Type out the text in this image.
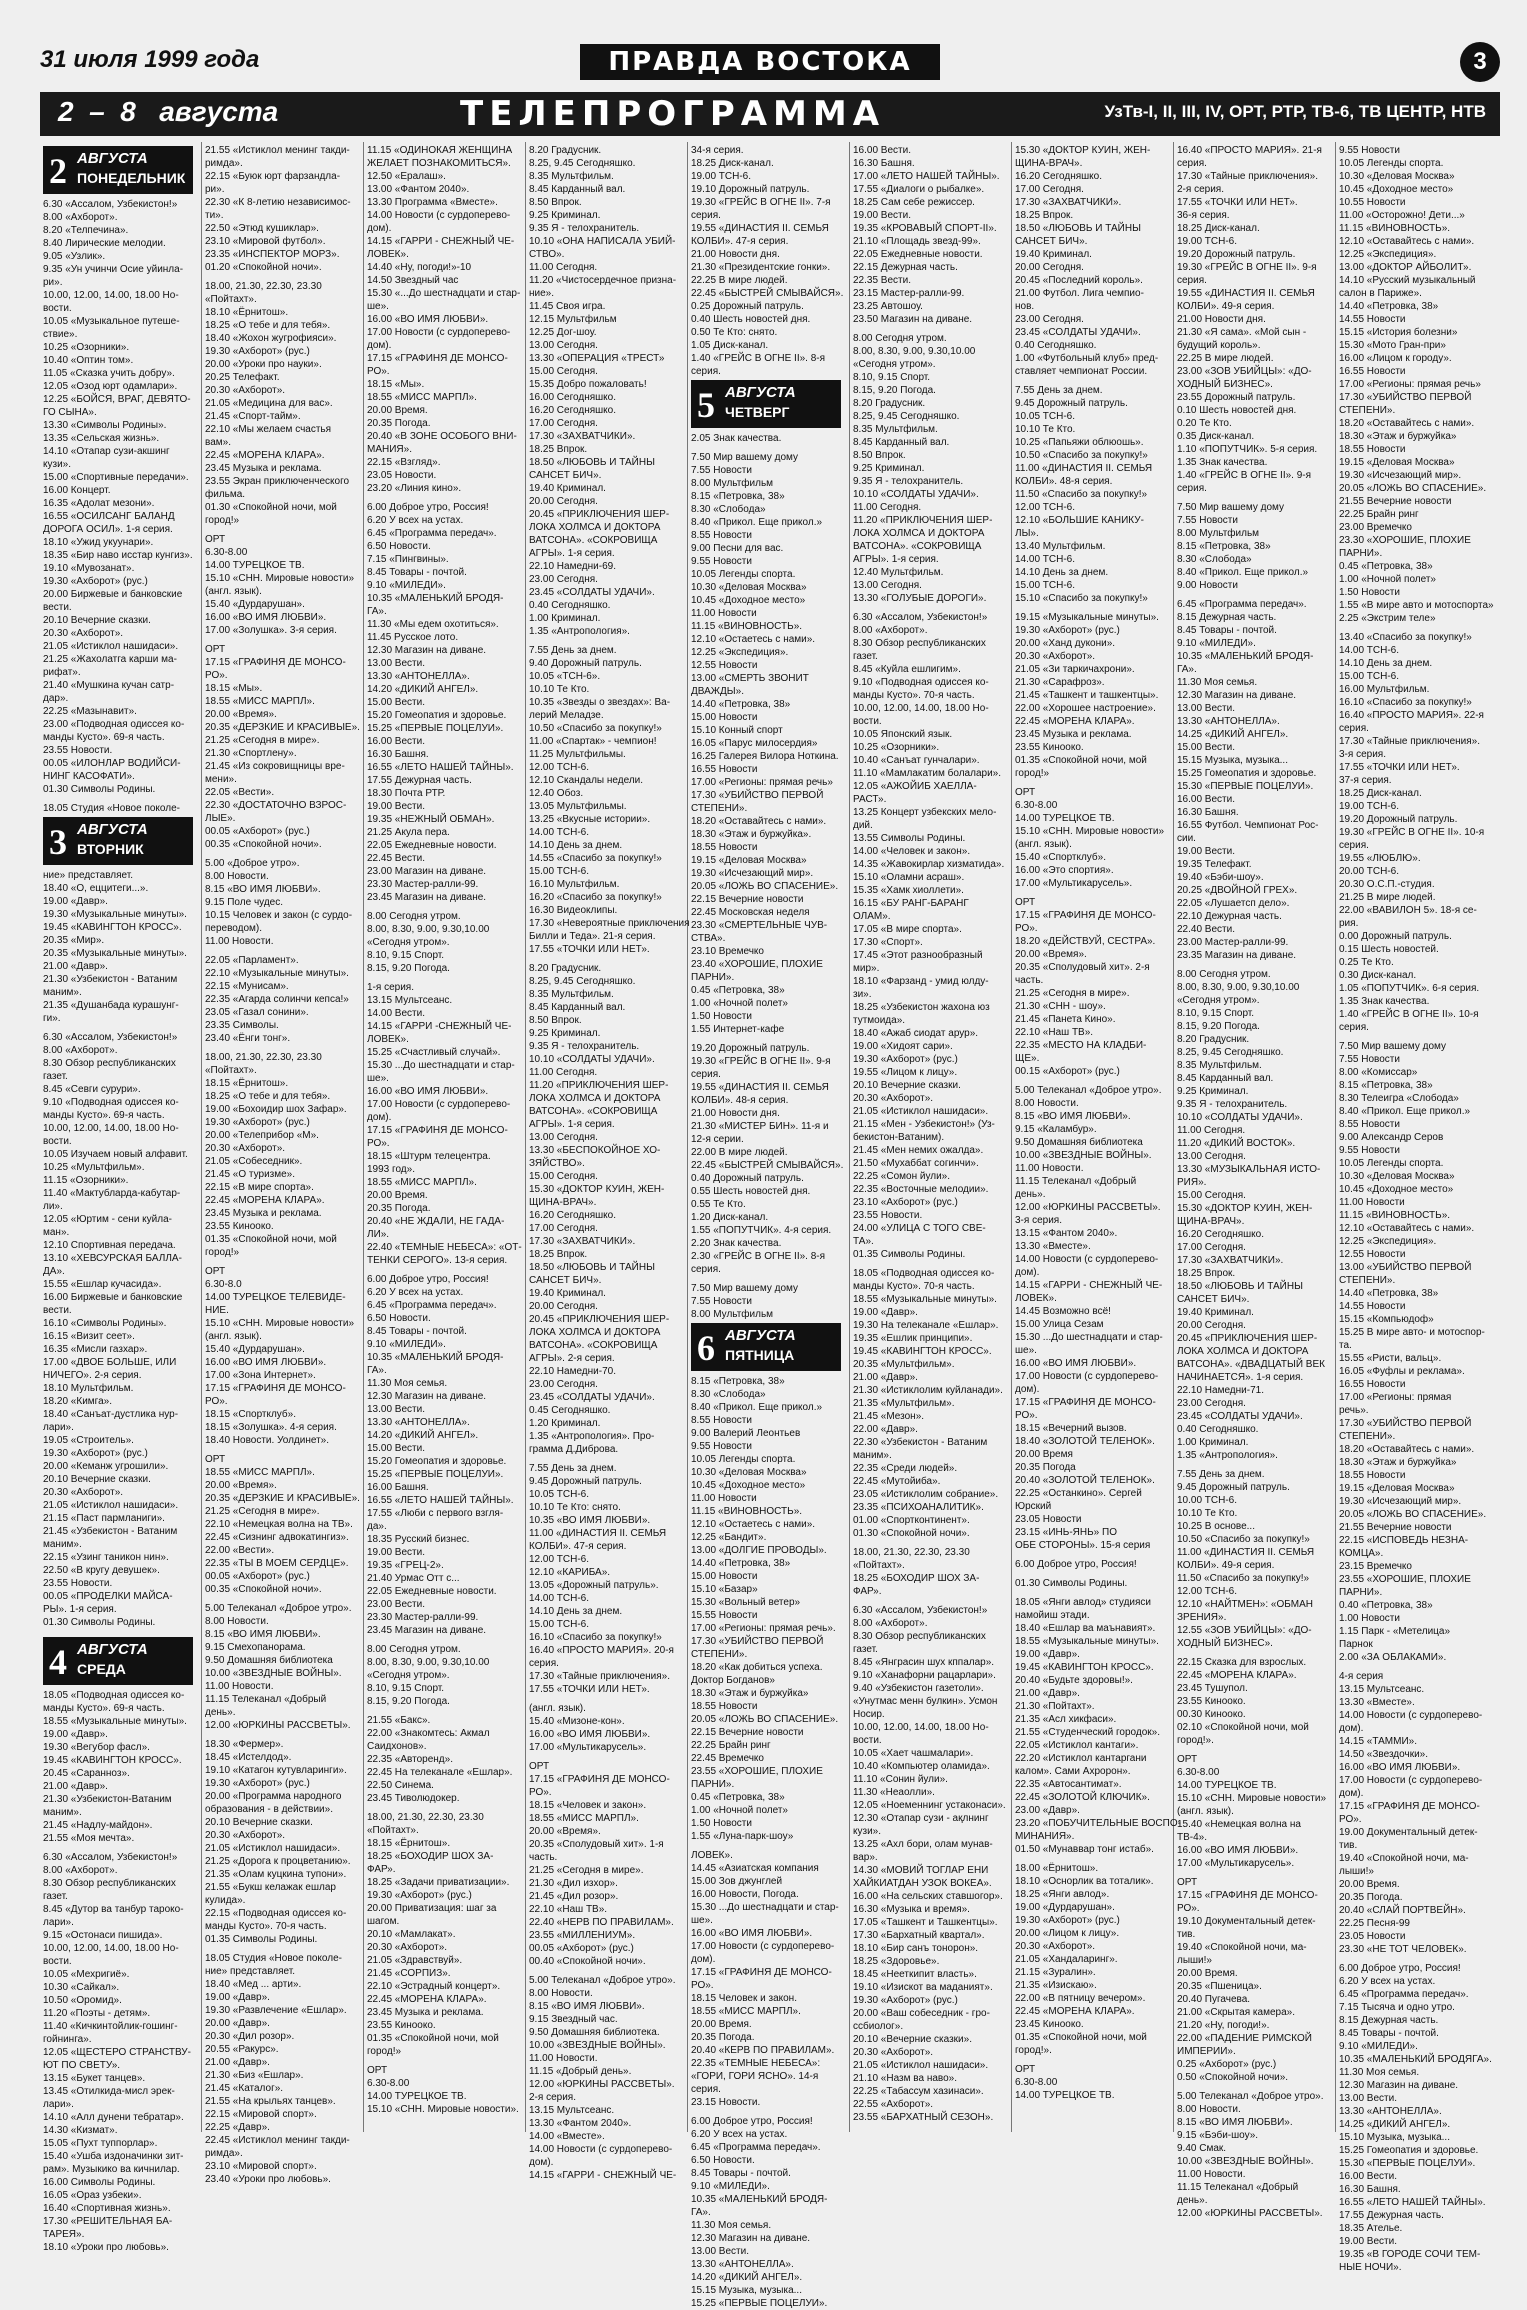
31 июля 1999 года	ПРАВДА ВОСТОКА	3
2  –  8 августа	ТЕЛЕПРОГРАММА	УзТв-I, II, III, IV, ОРТ, РТР, ТВ-6, ТВ ЦЕНТР, НТВ
2 АВГУСТА
ПОНЕДЕЛЬНИК
6.30 «Ассалом, Узбекистон!»
8.00 «Ахборот».
8.20 «Телпечина».
8.40 Лирические мелодии.
9.05 «Узлик».
9.35 «Ун учинчи Осие уйинла-
ри».
10.00, 12.00, 14.00, 18.00 Но-
вости.
10.05 «Музыкальное путеше-
ствие».
10.25 «Озорники».
10.40 «Оптин том».
11.05 «Сказка учить добру».
12.05 «Озод юрт одамлари».
12.25 «БОЙСЯ, ВРАГ, ДЕВЯТО-
ГО СЫНА».
13.30 «Символы Родины».
13.35 «Сельская жизнь».
14.10 «Отапар сузи-акшинг
кузи».
15.00 «Спортивные передачи».
16.00 Концерт.
16.35 «Адолат мезони».
16.55 «ОСИЛСАНГ БАЛАНД
ДОРОГА ОСИЛ». 1-я серия.
18.10 «Ужид укуунари».
18.35 «Бир наво исстар кунгиз».
19.10 «Мувозанат».
19.30 «Ахборот» (рус.)
20.00 Биржевые и банковские
вести.
20.10 Вечерние сказки.
20.30 «Ахборот».
21.05 «Истиклол нашидаси».
21.25 «Жахолатга карши ма-
рифат».
21.40 «Мушкина кучан сатр-
дар».
22.25 «Мазынавит».
23.00 «Подводная одиссея ко-
манды Кусто». 69-я часть.
23.55 Новости.
00.05 «ИЛОНЛАР ВОДИЙСИ-
НИНГ КАСОФАТИ».
01.30 Символы Родины.
18.05 Студия «Новое поколе-
3 АВГУСТА
ВТОРНИК
ние» представляет.
18.40 «О, еццитеги...».
19.00 «Давр».
19.30 «Музыкальные минуты».
19.45 «КАВИНГТОН КРОСС».
20.35 «Мир».
20.35 «Музыкальные минуты».
21.00 «Давр».
21.30 «Узбекистон - Ватаним
маним».
21.35 «Душанбада курашунг-
ги».
6.30 «Ассалом, Узбекистон!»
8.00 «Ахборот».
8.30 Обзор республиканских
газет.
8.45 «Севги сурури».
9.10 «Подводная одиссея ко-
манды Кусто». 69-я часть.
10.00, 12.00, 14.00, 18.00 Но-
вости.
10.05 Изучаем новый алфавит.
10.25 «Мультфильм».
11.15 «Озорники».
11.40 «Мактубларда-кабутар-
ли».
12.05 «Юртим - сени куйла-
ман».
12.10 Спортивная передача.
13.10 «ХЕВСУРСКАЯ БАЛЛА-
ДА».
15.55 «Ешлар кучасида».
16.00 Биржевые и банковские
вести.
16.10 «Символы Родины».
16.15 «Визит сеет».
16.35 «Мисли газхар».
17.00 «ДВОЕ БОЛЬШЕ, ИЛИ
НИЧЕГО». 2-я серия.
18.10 Мультфильм.
18.20 «Кимга».
18.40 «Санъат-дустлика нур-
лари».
19.05 «Строитель».
19.30 «Ахборот» (рус.)
20.00 «Кеманж угрошили».
20.10 Вечерние сказки.
20.30 «Ахборот».
21.05 «Истиклол нашидаси».
21.15 «Паст пармланиги».
21.45 «Узбекистон - Ватаним
маним».
22.15 «Узинг таникон нин».
22.50 «В кругу девушек».
23.55 Новости.
00.05 «ПРОДЕЛКИ МАЙСА-
РЫ». 1-я серия.
01.30 Символы Родины.
4 АВГУСТА
СРЕДА
18.05 «Подводная одиссея ко-
манды Кусто». 69-я часть.
18.55 «Музыкальные минуты».
19.00 «Давр».
19.30 «Вегубор фасл».
19.45 «КАВИНГТОН КРОСС».
20.45 «Саранноз».
21.00 «Давр».
21.30 «Узбекистон-Ватаним
маним».
21.45 «Надлу-майдон».
21.55 «Моя мечта».
6.30 «Ассалом, Узбекистон!»
8.00 «Ахборот».
8.30 Обзор республиканских
газет.
8.45 «Дутор ва танбур тароко-
лари».
9.15 «Остонаси пишида».
10.00, 12.00, 14.00, 18.00 Но-
вости.
10.05 «Мехригиё».
10.30 «Сайкал».
10.50 «Оромид».
11.20 «Поэты - детям».
11.40 «Кичкинтойлик-гошинг-
гойнинга».
12.05 «ЩЕСТЕРО СТРАНСТВУ-
ЮТ ПО СВЕТУ».
13.15 «Букет танцев».
13.45 «Отилкида-мисл эрек-
лари».
14.10 «Алл дунени тебратар».
14.30 «Кизмат».
15.05 «Пухт туппорлар».
15.40 «Ушба издоначинки зит-
рам». Музыкико ва кичнилар.
16.00 Символы Родины.
16.05 «Ораз узбеки».
16.40 «Спортивная жизнь».
17.30 «РЕШИТЕЛЬНАЯ БА-
ТАРЕЯ».
18.10 «Уроки про любовь».
21.55 «Истиклол менинг такди-
римда».
22.15 «Буюк юрт фарзандла-
ри».
22.30 «К 8-летию независимос-
ти».
22.50 «Этюд кушиклар».
23.10 «Мировой футбол».
23.35 «ИНСПЕКТОР МОРЗ».
01.20 «Спокойной ночи».
18.00, 21.30, 22.30, 23.30
«Пойтахт».
18.10 «Ёрнитош».
18.25 «О тебе и для тебя».
18.40 «Жохон жугрофияси».
19.30 «Ахборот» (рус.)
20.00 «Уроки про науки».
20.25 Телефакт.
20.30 «Ахборот».
21.05 «Медицина для вас».
21.45 «Спорт-тайм».
22.10 «Мы желаем счастья
вам».
22.45 «МОРЕНА КЛАРА».
23.45 Музыка и реклама.
23.55 Экран приключенческого
фильма.
01.30 «Спокойной ночи, мой
город!»
ОРТ
6.30-8.00
14.00 ТУРЕЦКОЕ ТВ.
15.10 «СНН. Мировые новости»
(англ. язык).
15.40 «Дурдарушан».
16.00 «ВО ИМЯ ЛЮБВИ».
17.00 «Золушка». 3-я серия.
ОРТ
17.15 «ГРАФИНЯ ДЕ МОНСО-
РО».
18.15 «Мы».
18.55 «МИСС МАРПЛ».
20.00 «Время».
20.35 «ДЕРЗКИЕ И КРАСИВЫЕ».
21.25 «Сегодня в мире».
21.30 «Спортлену».
21.45 «Из сокровищницы вре-
мени».
22.05 «Вести».
22.30 «ДОСТАТОЧНО ВЗРОС-
ЛЫЕ».
00.05 «Ахборот» (рус.)
00.35 «Спокойной ночи».
5.00 «Доброе утро».
8.00 Новости.
8.15 «ВО ИМЯ ЛЮБВИ».
9.15 Поле чудес.
10.15 Человек и закон (с сурдо-
переводом).
11.00 Новости.
22.05 «Парламент».
22.10 «Музыкальные минуты».
22.15 «Мунисам».
22.35 «Агарда солинчи кепса!»
23.05 «Газал сонини».
23.35 Символы.
23.40 «Ёнги тонг».
18.00, 21.30, 22.30, 23.30
«Пойтахт».
18.15 «Ёрнитош».
18.25 «О тебе и для тебя».
19.00 «Бохоидир шох Зафар».
19.30 «Ахборот» (рус.)
20.00 «Телеприбор «М».
20.30 «Ахборот».
21.05 «Собеседник».
21.45 «О туризме».
22.15 «В мире спорта».
22.45 «МОРЕНА КЛАРА».
23.45 Музыка и реклама.
23.55 Кинооко.
01.35 «Спокойной ночи, мой
город!»
ОРТ
6.30-8.0
14.00 ТУРЕЦКОЕ ТЕЛЕВИДЕ-
НИЕ.
15.10 «СНН. Мировые новости»
(англ. язык).
15.40 «Дурдарушан».
16.00 «ВО ИМЯ ЛЮБВИ».
17.00 «Зона Интернет».
17.15 «ГРАФИНЯ ДЕ МОНСО-
РО».
18.15 «Спортклуб».
18.15 «Золушка». 4-я серия.
18.40 Новости. Уолдинет».
ОРТ
18.55 «МИСС МАРПЛ».
20.00 «Время».
20.35 «ДЕРЗКИЕ И КРАСИВЫЕ».
21.25 «Сегодня в мире».
22.10 «Немецкая волна на ТВ».
22.45 «Сизнинг адвокатингиз».
22.00 «Вести».
22.35 «ТЫ В МОЕМ СЕРДЦЕ».
00.05 «Ахборот» (рус.)
00.35 «Спокойной ночи».
5.00 Телеканал «Доброе утро».
8.00 Новости.
8.15 «ВО ИМЯ ЛЮБВИ».
9.15 Смехопанорама.
9.50 Домашняя библиотека
10.00 «ЗВЕЗДНЫЕ ВОЙНЫ».
11.00 Новости.
11.15 Телеканал «Добрый
день».
12.00 «ЮРКИНЫ РАССВЕТЫ».
18.30 «Фермер».
18.45 «Истелдод».
19.10 «Катагон кутувларинги».
19.30 «Ахборот» (рус.)
20.00 «Программа народного
образования - в действии».
20.10 Вечерние сказки.
20.30 «Ахборот».
21.05 «Истиклол нашидаси».
21.25 «Дорога к процветанию».
21.35 «Олам куцкина тупони».
21.55 «Букш келажак ешлар
кулида».
22.15 «Подводная одиссея ко-
манды Кусто». 70-я часть.
01.35 Символы Родины.
18.05 Студия «Новое поколе-
ние» представляет.
18.40 «Мед ... арти».
19.00 «Давр».
19.30 «Развлечение «Ешлар».
20.00 «Давр».
20.30 «Дил розор».
20.55 «Ракурс».
21.00 «Давр».
21.30 «Биз «Ешлар».
21.45 «Каталог».
21.55 «На крыльях танцев».
22.15 «Мировой спорт».
22.25 «Давр».
22.45 «Истиклол менинг такди-
римда».
23.10 «Мировой спорт».
23.40 «Уроки про любовь».
11.15 «ОДИНОКАЯ ЖЕНЩИНА
ЖЕЛАЕТ ПОЗНАКОМИТЬСЯ».
12.50 «Ералаш».
13.00 «Фантом 2040».
13.30 Программа «Вместе».
14.00 Новости (с сурдоперево-
дом).
14.15 «ГАРРИ - СНЕЖНЫЙ ЧЕ-
ЛОВЕК».
14.40 «Ну, погоди!»-10
14.50 Звездный час
15.30 «...До шестнадцати и стар-
ше».
16.00 «ВО ИМЯ ЛЮБВИ».
17.00 Новости (с сурдоперево-
дом).
17.15 «ГРАФИНЯ ДЕ МОНСО-
РО».
18.15 «Мы».
18.55 «МИСС МАРПЛ».
20.00 Время.
20.35 Погода.
20.40 «В ЗОНЕ ОСОБОГО ВНИ-
МАНИЯ».
22.15 «Взгляд».
23.05 Новости.
23.20 «Линия кино».
6.00 Доброе утро, Россия!
6.20 У всех на устах.
6.45 «Программа передач».
6.50 Новости.
7.15 «Пингвины».
8.45 Товары - почтой.
9.10 «МИЛЕДИ».
10.35 «МАЛЕНЬКИЙ БРОДЯ-
ГА».
11.30 «Мы едем охотиться».
11.45 Русское лото.
12.30 Магазин на диване.
13.00 Вести.
13.30 «АНТОНЕЛЛА».
14.20 «ДИКИЙ АНГЕЛ».
15.00 Вести.
15.20 Гомеопатия и здоровье.
15.25 «ПЕРВЫЕ ПОЦЕЛУИ».
16.00 Вести.
16.30 Башня.
16.55 «ЛЕТО НАШЕЙ ТАЙНЫ».
17.55 Дежурная часть.
18.30 Почта РТР.
19.00 Вести.
19.35 «НЕЖНЫЙ ОБМАН».
21.25 Акула пера.
22.05 Ежедневные новости.
22.45 Вести.
23.00 Магазин на диване.
23.30 Мастер-ралли-99.
23.45 Магазин на диване.
8.00 Сегодня утром.
8.00, 8.30, 9.00, 9.30,10.00
«Сегодня утром».
8.10, 9.15 Спорт.
8.15, 9.20 Погода.
1-я серия.
13.15 Мультсеанс.
14.00 Вести.
14.15 «ГАРРИ -СНЕЖНЫЙ ЧЕ-
ЛОВЕК».
15.25 «Счастливый случай».
15.30 ...До шестнадцати и стар-
ше».
16.00 «ВО ИМЯ ЛЮБВИ».
17.00 Новости (с сурдоперево-
дом).
17.15 «ГРАФИНЯ ДЕ МОНСО-
РО».
18.15 «Штурм телецентра.
1993 год».
18.55 «МИСС МАРПЛ».
20.00 Время.
20.35 Погода.
20.40 «НЕ ЖДАЛИ, НЕ ГАДА-
ЛИ».
22.40 «ТЕМНЫЕ НЕБЕСА»: «ОТ-
ТЕНКИ СЕРОГО». 13-я серия.
6.00 Доброе утро, Россия!
6.20 У всех на устах.
6.45 «Программа передач».
6.50 Новости.
8.45 Товары - почтой.
9.10 «МИЛЕДИ».
10.35 «МАЛЕНЬКИЙ БРОДЯ-
ГА».
11.30 Моя семья.
12.30 Магазин на диване.
13.00 Вести.
13.30 «АНТОНЕЛЛА».
14.20 «ДИКИЙ АНГЕЛ».
15.00 Вести.
15.20 Гомеопатия и здоровье.
15.25 «ПЕРВЫЕ ПОЦЕЛУИ».
16.00 Башня.
16.55 «ЛЕТО НАШЕЙ ТАЙНЫ».
17.55 «Люби с первого взгля-
да».
18.35 Русский бизнес.
19.00 Вести.
19.35 «ГРЕЦ-2».
21.40 Урмас Отт с...
22.05 Ежедневные новости.
23.00 Вести.
23.30 Мастер-ралли-99.
23.45 Магазин на диване.
8.00 Сегодня утром.
8.00, 8.30, 9.00, 9.30,10.00
«Сегодня утром».
8.10, 9.15 Спорт.
8.15, 9.20 Погода.
21.55 «Бакс».
22.00 «Знакомтесь: Акмал
Саидхонов».
22.35 «Авторенд».
22.45 На телеканале «Ешлар».
22.50 Синема.
23.45 Тиволюдокер.
18.00, 21.30, 22.30, 23.30
«Пойтахт».
18.15 «Ёрнитош».
18.25 «БОХОДИР ШОХ ЗА-
ФАР».
18.25 «Задачи приватизации».
19.30 «Ахборот» (рус.)
20.00 Приватизация: шаг за
шагом.
20.10 «Мамлакат».
20.30 «Ахборот».
21.05 «Здравствуй».
21.45 «СОРПИЗ».
22.10 «Эстрадный концерт».
22.45 «МОРЕНА КЛАРА».
23.45 Музыка и реклама.
23.55 Кинооко.
01.35 «Спокойной ночи, мой
город!»
ОРТ
6.30-8.00
14.00 ТУРЕЦКОЕ ТВ.
15.10 «СНН. Мировые новости».
8.20 Градусник.
8.25, 9.45 Сегодняшко.
8.35 Мультфильм.
8.45 Карданный вал.
8.50 Впрок.
9.25 Криминал.
9.35 Я - телохранитель.
10.10 «ОНА НАПИСАЛА УБИЙ-
СТВО».
11.00 Сегодня.
11.20 «Чистосердечное призна-
ние».
11.45 Своя игра.
12.15 Мультфильм
12.25 Дог-шоу.
13.00 Сегодня.
13.30 «ОПЕРАЦИЯ «ТРЕСТ»
15.00 Сегодня.
15.35 Добро пожаловать!
16.00 Сегодняшко.
16.20 Сегодняшко.
17.00 Сегодня.
17.30 «ЗАХВАТЧИКИ».
18.25 Впрок.
18.50 «ЛЮБОВЬ И ТАЙНЫ
САНСЕТ БИЧ».
19.40 Криминал.
20.00 Сегодня.
20.45 «ПРИКЛЮЧЕНИЯ ШЕР-
ЛОКА ХОЛМСА И ДОКТОРА
ВАТСОНА». «СОКРОВИЩА
АГРЫ». 1-я серия.
22.10 Намедни-69.
23.00 Сегодня.
23.45 «СОЛДАТЫ УДАЧИ».
0.40 Сегодняшко.
1.00 Криминал.
1.35 «Антропология».
7.55 День за днем.
9.40 Дорожный патруль.
10.05 «ТСН-6».
10.10 Те Кто.
10.35 «Звезды о звездах»: Ва-
лерий Меладзе.
10.50 «Спасибо за покупку!»
11.00 «Спартак» - чемпион!
11.25 Мультфильмы.
12.00 ТСН-6.
12.10 Скандалы недели.
12.40 Обоз.
13.05 Мультфильмы.
13.25 «Вкусные истории».
14.00 ТСН-6.
14.10 День за днем.
14.55 «Спасибо за покупку!»
15.00 ТСН-6.
16.10 Мультфильм.
16.20 «Спасибо за покупку!»
16.30 Видеоклипы.
17.30 «Невероятные приключения
Билли и Теда». 21-я серия.
17.55 «ТОЧКИ ИЛИ НЕТ».
8.20 Градусник.
8.25, 9.45 Сегодняшко.
8.35 Мультфильм.
8.45 Карданный вал.
8.50 Впрок.
9.25 Криминал.
9.35 Я - телохранитель.
10.10 «СОЛДАТЫ УДАЧИ».
11.00 Сегодня.
11.20 «ПРИКЛЮЧЕНИЯ ШЕР-
ЛОКА ХОЛМСА И ДОКТОРА
ВАТСОНА». «СОКРОВИЩА
АГРЫ». 1-я серия.
13.00 Сегодня.
13.30 «БЕСПОКОЙНОЕ ХО-
ЗЯЙСТВО».
15.00 Сегодня.
15.30 «ДОКТОР КУИН, ЖЕН-
ЩИНА-ВРАЧ».
16.20 Сегодняшко.
17.00 Сегодня.
17.30 «ЗАХВАТЧИКИ».
18.25 Впрок.
18.50 «ЛЮБОВЬ И ТАЙНЫ
САНСЕТ БИЧ».
19.40 Криминал.
20.00 Сегодня.
20.45 «ПРИКЛЮЧЕНИЯ ШЕР-
ЛОКА ХОЛМСА И ДОКТОРА
ВАТСОНА». «СОКРОВИЩА
АГРЫ». 2-я серия.
22.10 Намедни-70.
23.00 Сегодня.
23.45 «СОЛДАТЫ УДАЧИ».
0.45 Сегодняшко.
1.20 Криминал.
1.35 «Антропология». Про-
грамма Д.Диброва.
7.55 День за днем.
9.45 Дорожный патруль.
10.05 ТСН-6.
10.10 Те Кто: снято.
10.35 «ВО ИМЯ ЛЮБВИ».
11.00 «ДИНАСТИЯ II. СЕМЬЯ
КОЛБИ». 47-я серия.
12.00 ТСН-6.
12.10 «КАРИБА».
13.05 «Дорожный патруль».
14.00 ТСН-6.
14.10 День за днем.
15.00 ТСН-6.
16.10 «Спасибо за покупку!»
16.40 «ПРОСТО МАРИЯ». 20-я
серия.
17.30 «Тайные приключения».
17.55 «ТОЧКИ ИЛИ НЕТ».
(англ. язык).
15.40 «Мизоне-кон».
16.00 «ВО ИМЯ ЛЮБВИ».
17.00 «Мультикарусель».
ОРТ
17.15 «ГРАФИНЯ ДЕ МОНСО-
РО».
18.15 «Человек и закон».
18.55 «МИСС МАРПЛ».
20.00 «Время».
20.35 «Сполудовый хит». 1-я
часть.
21.25 «Сегодня в мире».
21.30 «Дил изхор».
21.45 «Дил розор».
22.10 «Наш ТВ».
22.40 «НЕРВ ПО ПРАВИЛАМ».
23.55 «МИЛЛЕНИУМ».
00.05 «Ахборот» (рус.)
00.40 «Спокойной ночи».
5.00 Телеканал «Доброе утро».
8.00 Новости.
8.15 «ВО ИМЯ ЛЮБВИ».
9.15 Звездный час.
9.50 Домашняя библиотека.
10.00 «ЗВЕЗДНЫЕ ВОЙНЫ».
11.00 Новости.
11.15 «Добрый день».
12.00 «ЮРКИНЫ РАССВЕТЫ».
2-я серия.
13.15 Мультсеанс.
13.30 «Фантом 2040».
14.00 «Вместе».
14.00 Новости (с сурдоперево-
дом).
14.15 «ГАРРИ - СНЕЖНЫЙ ЧЕ-
34-я серия.
18.25 Диск-канал.
19.00 ТСН-6.
19.10 Дорожный патруль.
19.30 «ГРЕЙС В ОГНЕ II». 7-я
серия.
19.55 «ДИНАСТИЯ II. СЕМЬЯ
КОЛБИ». 47-я серия.
21.00 Новости дня.
21.30 «Президентские гонки».
22.25 В мире людей.
22.45 «БЫСТРЕЙ СМЫВАЙСЯ».
0.25 Дорожный патруль.
0.40 Шесть новостей дня.
0.50 Те Кто: снято.
1.05 Диск-канал.
1.40 «ГРЕЙС В ОГНЕ II». 8-я
серия.
5 АВГУСТА
ЧЕТВЕРГ
2.05 Знак качества.
7.50 Мир вашему дому
7.55 Новости
8.00 Мультфильм
8.15 «Петровка, 38»
8.30 «Слобода»
8.40 «Прикол. Еще прикол.»
8.55 Новости
9.00 Песни для вас.
9.55 Новости
10.05 Легенды спорта.
10.30 «Деловая Москва»
10.45 «Доходное место»
11.00 Новости
11.15 «ВИНОВНОСТЬ».
12.10 «Остаетесь с нами».
12.25 «Экспедиция».
12.55 Новости
13.00 «СМЕРТЬ ЗВОНИТ
ДВАЖДЫ».
14.40 «Петровка, 38»
15.00 Новости
15.10 Конный спорт
16.05 «Парус милосердия»
16.25 Галерея Вилора Ноткина.
16.55 Новости
17.00 «Регионы: прямая речь»
17.30 «УБИЙСТВО ПЕРВОЙ
СТЕПЕНИ».
18.20 «Оставайтесь с нами».
18.30 «Этаж и буржуйка».
18.55 Новости
19.15 «Деловая Москва»
19.30 «Исчезающий мир».
20.05 «ЛОЖЬ ВО СПАСЕНИЕ».
22.15 Вечерние новости
22.45 Московская неделя
23.30 «СМЕРТЕЛЬНЫЕ ЧУВ-
СТВА».
23.10 Времечко
23.40 «ХОРОШИЕ, ПЛОХИЕ
ПАРНИ».
0.45 «Петровка, 38»
1.00 «Ночной полет»
1.50 Новости
1.55 Интернет-кафе
19.20 Дорожный патруль.
19.30 «ГРЕЙС В ОГНЕ II». 9-я
серия.
19.55 «ДИНАСТИЯ II. СЕМЬЯ
КОЛБИ». 48-я серия.
21.00 Новости дня.
21.30 «МИСТЕР БИН». 11-я и
12-я серии.
22.00 В мире людей.
22.45 «БЫСТРЕЙ СМЫВАЙСЯ».
0.40 Дорожный патруль.
0.55 Шесть новостей дня.
0.55 Те Кто.
1.20 Диск-канал.
1.55 «ПОПУТЧИК». 4-я серия.
2.20 Знак качества.
2.30 «ГРЕЙС В ОГНЕ II». 8-я
серия.
7.50 Мир вашему дому
7.55 Новости
8.00 Мультфильм
6 АВГУСТА
ПЯТНИЦА
8.15 «Петровка, 38»
8.30 «Слобода»
8.40 «Прикол. Еще прикол.»
8.55 Новости
9.00 Валерий Леонтьев
9.55 Новости
10.05 Легенды спорта.
10.30 «Деловая Москва»
10.45 «Доходное место»
11.00 Новости
11.15 «ВИНОВНОСТЬ».
12.10 «Остаетесь с нами».
12.25 «Бандит».
13.00 «ДОЛГИЕ ПРОВОДЫ».
14.40 «Петровка, 38»
15.00 Новости
15.10 «Базар»
15.30 «Вольный ветер»
15.55 Новости
17.00 «Регионы: прямая речь».
17.30 «УБИЙСТВО ПЕРВОЙ
СТЕПЕНИ».
18.20 «Как добиться успеха.
Доктор Богданов»
18.30 «Этаж и буржуйка»
18.55 Новости
20.05 «ЛОЖЬ ВО СПАСЕНИЕ».
22.15 Вечерние новости
22.25 Брайн ринг
22.45 Времечко
23.55 «ХОРОШИЕ, ПЛОХИЕ
ПАРНИ».
0.45 «Петровка, 38»
1.00 «Ночной полет»
1.50 Новости
1.55 «Луна-парк-шоу»
ЛОВЕК».
14.45 «Азиатская компания
15.00 Зов джунглей
16.00 Новости, Погода.
15.30 ...До шестнадцати и стар-
ше».
16.00 «ВО ИМЯ ЛЮБВИ».
17.00 Новости (с сурдоперево-
дом).
17.15 «ГРАФИНЯ ДЕ МОНСО-
РО».
18.15 Человек и закон.
18.55 «МИСС МАРПЛ».
20.00 Время.
20.35 Погода.
20.40 «КЕРВ ПО ПРАВИЛАМ».
22.35 «ТЕМНЫЕ НЕБЕСА»:
«ГОРИ, ГОРИ ЯСНО». 14-я
серия.
23.15 Новости.
6.00 Доброе утро, Россия!
6.20 У всех на устах.
6.45 «Программа передач».
6.50 Новости.
8.45 Товары - почтой.
9.10 «МИЛЕДИ».
10.35 «МАЛЕНЬКИЙ БРОДЯ-
ГА».
11.30 Моя семья.
12.30 Магазин на диване.
13.00 Вести.
13.30 «АНТОНЕЛЛА».
14.20 «ДИКИЙ АНГЕЛ».
15.15 Музыка, музыка...
15.25 «ПЕРВЫЕ ПОЦЕЛУИ».
16.00 Вести.
16.30 Башня.
17.00 «ЛЕТО НАШЕЙ ТАЙНЫ».
17.55 «Диалоги о рыбалке».
18.25 Сам себе режиссер.
19.00 Вести.
19.35 «КРОВАВЫЙ СПОРТ-II».
21.10 «Площадь звезд-99».
22.05 Ежедневные новости.
22.15 Дежурная часть.
22.35 Вести.
23.15 Мастер-ралли-99.
23.25 Автошоу.
23.50 Магазин на диване.
8.00 Сегодня утром.
8.00, 8.30, 9.00, 9.30,10.00
«Сегодня утром».
8.10, 9.15 Спорт.
8.15, 9.20 Погода.
8.20 Градусник.
8.25, 9.45 Сегодняшко.
8.35 Мультфильм.
8.45 Карданный вал.
8.50 Впрок.
9.25 Криминал.
9.35 Я - телохранитель.
10.10 «СОЛДАТЫ УДАЧИ».
11.00 Сегодня.
11.20 «ПРИКЛЮЧЕНИЯ ШЕР-
ЛОКА ХОЛМСА И ДОКТОРА
ВАТСОНА». «СОКРОВИЩА
АГРЫ». 1-я серия.
12.40 Мультфильм.
13.00 Сегодня.
13.30 «ГОЛУБЫЕ ДОРОГИ».
6.30 «Ассалом, Узбекистон!»
8.00 «Ахборот».
8.30 Обзор республиканских
газет.
8.45 «Куйла ешлигим».
9.10 «Подводная одиссея ко-
манды Кусто». 70-я часть.
10.00, 12.00, 14.00, 18.00 Но-
вости.
10.05 Японский язык.
10.25 «Озорники».
10.40 «Санъат гунчалари».
11.10 «Мамлакатим болалари».
12.05 «АЖОЙИБ ХАЕЛЛА-
РАСТ».
13.25 Концерт узбекских мело-
дий.
13.55 Символы Родины.
14.00 «Человек и закон».
14.35 «Жавокирлар хизматида».
15.10 «Оламни асраш».
15.35 «Хамк хиоллети».
16.15 «БУ РАНГ-БАРАНГ
ОЛАМ».
17.05 «В мире спорта».
17.30 «Спорт».
17.45 «Этот разнообразный
мир».
18.10 «Фарзанд - умид юлду-
зи».
18.25 «Узбекистон жахона юз
тутмоида».
18.40 «Ажаб сиодат арур».
19.00 «Хидоят сари».
19.30 «Ахборот» (рус.)
19.55 «Лицом к лицу».
20.10 Вечерние сказки.
20.30 «Ахборот».
21.05 «Истиклол нашидаси».
21.15 «Мен - Узбекистон!» (Уз-
бекистон-Ватаним).
21.45 «Мен немих ожалда».
21.50 «Мухаббат согинчи».
22.25 «Сомон йули».
22.35 «Восточные мелодии».
23.10 «Ахборот» (рус.)
23.55 Новости.
24.00 «УЛИЦА С ТОГО СВЕ-
ТА».
01.35 Символы Родины.
18.05 «Подводная одиссея ко-
манды Кусто». 70-я часть.
18.55 «Музыкальные минуты».
19.00 «Давр».
19.30 На телеканале «Ешлар».
19.35 «Ешлик принципи».
19.45 «КАВИНГТОН КРОСС».
20.35 «Мультфильм».
21.00 «Давр».
21.30 «Истиклолим куйланади».
21.35 «Мультфильм».
21.45 «Мезон».
22.00 «Давр».
22.30 «Узбекистон - Ватаним
маним».
22.35 «Среди людей».
22.45 «Мутойиба».
23.05 «Истиклолим собрание».
23.35 «ПСИХОАНАЛИТИК».
01.00 «Спортконтинент».
01.30 «Спокойной ночи».
18.00, 21.30, 22.30, 23.30
«Пойтахт».
18.25 «БОХОДИР ШОХ ЗА-
ФАР».
6.30 «Ассалом, Узбекистон!»
8.00 «Ахборот».
8.30 Обзор республиканских
газет.
8.45 «Янграсин шух кппалар».
9.10 «Ханафорни рацарлари».
9.40 «Узбекистон газетоли».
«Унутмас менн булкин». Усмон
Носир.
10.00, 12.00, 14.00, 18.00 Но-
вости.
10.05 «Хает чашмалари».
10.40 «Компьютер оламида».
11.10 «Сонин йули».
11.30 «Неаолли».
12.05 «Ноеменнинг устаконаси».
12.30 «Отапар сузи - ақлнинг
кузи».
13.25 «Ахл бори, олам мунав-
вар».
14.30 «МОВИЙ ТОГЛАР ЕНИ
ХАЙКИАТДАН УЗОК ВОКЕА».
16.00 «На сельских ставшогор».
16.30 «Музыка и время».
17.05 «Ташкент и Ташкентцы».
17.30 «Бархатный квартал».
18.10 «Бир санъ тонорон».
18.25 «Здоровье».
18.45 «Нееткипит власть».
19.10 «Изискот ва маданият».
19.30 «Ахборот» (рус.)
20.00 «Ваш собеседник - гро-
ссбиолог».
20.10 «Вечерние сказки».
20.30 «Ахборот».
21.05 «Истиклол нашидаси».
21.10 «Назм ва наво».
22.25 «Табассум хазинаси».
22.55 «Ахборот».
23.55 «БАРХАТНЫЙ СЕЗОН».
15.30 «ДОКТОР КУИН, ЖЕН-
ЩИНА-ВРАЧ».
16.20 Сегодняшко.
17.00 Сегодня.
17.30 «ЗАХВАТЧИКИ».
18.25 Впрок.
18.50 «ЛЮБОВЬ И ТАЙНЫ
САНСЕТ БИЧ».
19.40 Криминал.
20.00 Сегодня.
20.45 «Последний король».
21.00 Футбол. Лига чемпио-
нов.
23.00 Сегодня.
23.45 «СОЛДАТЫ УДАЧИ».
0.40 Сегодняшко.
1.00 «Футбольный клуб» пред-
ставляет чемпионат России.
7.55 День за днем.
9.45 Дорожный патруль.
10.05 ТСН-6.
10.10 Те Кто.
10.25 «Папьяжи облюошь».
10.50 «Спасибо за покупку!»
11.00 «ДИНАСТИЯ II. СЕМЬЯ
КОЛБИ». 48-я серия.
11.50 «Спасибо за покупку!»
12.00 ТСН-6.
12.10 «БОЛЬШИЕ КАНИКУ-
ЛЫ».
13.40 Мультфильм.
14.00 ТСН-6.
14.10 День за днем.
15.00 ТСН-6.
15.10 «Спасибо за покупку!»
19.15 «Музыкальные минуты».
19.30 «Ахборот» (рус.)
20.00 «Ханд дукони».
20.30 «Ахборот».
21.05 «Зи таркичахрони».
21.30 «Сарафроз».
21.45 «Ташкент и ташкентцы».
22.00 «Хорошее настроение».
22.45 «МОРЕНА КЛАРА».
23.45 Музыка и реклама.
23.55 Кинооко.
01.35 «Спокойной ночи, мой
город!»
ОРТ
6.30-8.00
14.00 ТУРЕЦКОЕ ТВ.
15.10 «СНН. Мировые новости»
(англ. язык).
15.40 «Спортклуб».
16.00 «Это спортия».
17.00 «Мультикарусель».
ОРТ
17.15 «ГРАФИНЯ ДЕ МОНСО-
РО».
18.20 «ДЕЙСТВУЙ, СЕСТРА».
20.00 «Время».
20.35 «Сполудовый хит». 2-я
часть.
21.25 «Сегодня в мире».
21.30 «СНН - шоу».
21.45 «Панета Кино».
22.10 «Наш ТВ».
22.35 «МЕСТО НА КЛАДБИ-
ЩЕ».
00.15 «Ахборот» (рус.)
5.00 Телеканал «Доброе утро».
8.00 Новости.
8.15 «ВО ИМЯ ЛЮБВИ».
9.15 «Каламбур».
9.50 Домашняя библиотека
10.00 «ЗВЕЗДНЫЕ ВОЙНЫ».
11.00 Новости.
11.15 Телеканал «Добрый
день».
12.00 «ЮРКИНЫ РАССВЕТЫ».
3-я серия.
13.15 «Фантом 2040».
13.30 «Вместе».
14.00 Новости (с сурдоперево-
дом).
14.15 «ГАРРИ - СНЕЖНЫЙ ЧЕ-
ЛОВЕК».
14.45 Возможно всё!
15.00 Улица Сезам
15.30 ...До шестнадцати и стар-
ше».
16.00 «ВО ИМЯ ЛЮБВИ».
17.00 Новости (с сурдоперево-
дом).
17.15 «ГРАФИНЯ ДЕ МОНСО-
РО».
18.15 «Вечерний вызов.
18.40 «ЗОЛОТОЙ ТЕЛЕНОК».
20.00 Время
20.35 Погода
20.40 «ЗОЛОТОЙ ТЕЛЕНОК».
22.25 «Останкино». Сергей
Юрский
23.05 Новости
23.15 «ИНЬ-ЯНЬ» ПО
ОБЕ СТОРОНЫ». 15-я серия
6.00 Доброе утро, Россия!
01.30 Символы Родины.
18.05 «Янги авлод» студияси
намойиш этади.
18.40 «Ешлар ва маънавият».
18.55 «Музыкальные минуты».
19.00 «Давр».
19.45 «КАВИНГТОН КРОСС».
20.40 «Будьте здоровы!».
21.00 «Давр».
21.30 «Пойтахт».
21.35 «Асл хикфаси».
21.55 «Студенческий городок».
22.05 «Истиклол кантаги».
22.20 «Истиклол кантаргани
калом». Сами Ахророн».
22.35 «Автосантимат».
22.45 «ЗОЛОТОЙ КЛЮЧИК».
23.00 «Давр».
23.20 «ПОБУЧИТЕЛЬНЫЕ ВОСПО-
МИНАНИЯ».
01.50 «Мунаввар тонг истаб».
18.00 «Ёрнитош».
18.10 «Оснорлик ва тоталик».
18.25 «Янги авлод».
19.00 «Дурдарушан».
19.30 «Ахборот» (рус.)
20.00 «Лицом к лицу».
20.30 «Ахборот».
21.05 «Хандаларинг».
21.15 «Зуралин».
21.35 «Изискаю».
22.00 «В пятницу вечером».
22.45 «МОРЕНА КЛАРА».
23.45 Кинооко.
01.35 «Спокойной ночи, мой
город!».
ОРТ
6.30-8.00
14.00 ТУРЕЦКОЕ ТВ.
16.40 «ПРОСТО МАРИЯ». 21-я
серия.
17.30 «Тайные приключения».
2-я серия.
17.55 «ТОЧКИ ИЛИ НЕТ».
36-я серия.
18.25 Диск-канал.
19.00 ТСН-6.
19.20 Дорожный патруль.
19.30 «ГРЕЙС В ОГНЕ II». 9-я
серия.
19.55 «ДИНАСТИЯ II. СЕМЬЯ
КОЛБИ». 49-я серия.
21.00 Новости дня.
21.30 «Я сама». «Мой сын -
будущий король».
22.25 В мире людей.
23.00 «ЗОВ УБИЙЦЫ»: «ДО-
ХОДНЫЙ БИЗНЕС».
23.55 Дорожный патруль.
0.10 Шесть новостей дня.
0.20 Те Кто.
0.35 Диск-канал.
1.10 «ПОПУТЧИК». 5-я серия.
1.35 Знак качества.
1.40 «ГРЕЙС В ОГНЕ II». 9-я
серия.
7.50 Мир вашему дому
7.55 Новости
8.00 Мультфильм
8.15 «Петровка, 38»
8.30 «Слобода»
8.40 «Прикол. Еще прикол.»
9.00 Новости
6.45 «Программа передач».
8.15 Дежурная часть.
8.45 Товары - почтой.
9.10 «МИЛЕДИ».
10.35 «МАЛЕНЬКИЙ БРОДЯ-
ГА».
11.30 Моя семья.
12.30 Магазин на диване.
13.00 Вести.
13.30 «АНТОНЕЛЛА».
14.25 «ДИКИЙ АНГЕЛ».
15.00 Вести.
15.15 Музыка, музыка...
15.25 Гомеопатия и здоровье.
15.30 «ПЕРВЫЕ ПОЦЕЛУИ».
16.00 Вести.
16.30 Башня.
16.55 Футбол. Чемпионат Рос-
сии.
19.00 Вести.
19.35 Телефакт.
19.40 «Бэби-шоу».
20.25 «ДВОЙНОЙ ГРЕХ».
22.05 «Лушаетсп дело».
22.10 Дежурная часть.
22.40 Вести.
23.00 Мастер-ралли-99.
23.35 Магазин на диване.
8.00 Сегодня утром.
8.00, 8.30, 9.00, 9.30,10.00
«Сегодня утром».
8.10, 9.15 Спорт.
8.15, 9.20 Погода.
8.20 Градусник.
8.25, 9.45 Сегодняшко.
8.35 Мультфильм.
8.45 Карданный вал.
9.25 Криминал.
9.35 Я - телохранитель.
10.10 «СОЛДАТЫ УДАЧИ».
11.00 Сегодня.
11.20 «ДИКИЙ ВОСТОК».
13.00 Сегодня.
13.30 «МУЗЫКАЛЬНАЯ ИСТО-
РИЯ».
15.00 Сегодня.
15.30 «ДОКТОР КУИН, ЖЕН-
ЩИНА-ВРАЧ».
16.20 Сегодняшко.
17.00 Сегодня.
17.30 «ЗАХВАТЧИКИ».
18.25 Впрок.
18.50 «ЛЮБОВЬ И ТАЙНЫ
САНСЕТ БИЧ».
19.40 Криминал.
20.00 Сегодня.
20.45 «ПРИКЛЮЧЕНИЯ ШЕР-
ЛОКА ХОЛМСА И ДОКТОРА
ВАТСОНА». «ДВАДЦАТЫЙ ВЕК
НАЧИНАЕТСЯ». 1-я серия.
22.10 Намедни-71.
23.00 Сегодня.
23.45 «СОЛДАТЫ УДАЧИ».
0.40 Сегодняшко.
1.00 Криминал.
1.35 «Антропология».
7.55 День за днем.
9.45 Дорожный патруль.
10.00 ТСН-6.
10.10 Те Кто.
10.25 В основе...
10.50 «Спасибо за покупку!»
11.00 «ДИНАСТИЯ II. СЕМЬЯ
КОЛБИ». 49-я серия.
11.50 «Спасибо за покупку!»
12.00 ТСН-6.
12.10 «НАЙТМЕН»: «ОБМАН
ЗРЕНИЯ».
12.55 «ЗОВ УБИЙЦЫ»: «ДО-
ХОДНЫЙ БИЗНЕС».
22.15 Сказка для взрослых.
22.45 «МОРЕНА КЛАРА».
23.45 Тушупол.
23.55 Кинооко.
00.30 Кинооко.
02.10 «Спокойной ночи, мой
город!».
ОРТ
6.30-8.00
14.00 ТУРЕЦКОЕ ТВ.
15.10 «СНН. Мировые новости»
(англ. язык).
15.40 «Немецкая волна на
ТВ-4».
16.00 «ВО ИМЯ ЛЮБВИ».
17.00 «Мультикарусель».
ОРТ
17.15 «ГРАФИНЯ ДЕ МОНСО-
РО».
19.10 Документальный детек-
тив.
19.40 «Спокойной ночи, ма-
лыши!»
20.00 Время.
20.35 «Пшеница».
20.40 Пугачева.
21.00 «Скрытая камера».
21.20 «Ну, погоди!».
22.00 «ПАДЕНИЕ РИМСКОЙ
ИМПЕРИИ».
0.25 «Ахборот» (рус.)
0.50 «Спокойной ночи».
5.00 Телеканал «Доброе утро».
8.00 Новости.
8.15 «ВО ИМЯ ЛЮБВИ».
9.15 «Бэби-шоу».
9.40 Смак.
10.00 «ЗВЕЗДНЫЕ ВОЙНЫ».
11.00 Новости.
11.15 Телеканал «Добрый
день».
12.00 «ЮРКИНЫ РАССВЕТЫ».
9.55 Новости
10.05 Легенды спорта.
10.30 «Деловая Москва»
10.45 «Доходное место»
10.55 Новости
11.00 «Осторожно! Дети...»
11.15 «ВИНОВНОСТЬ».
12.10 «Оставайтесь с нами».
12.25 «Экспедиция».
13.00 «ДОКТОР АЙБОЛИТ».
14.10 «Русский музыкальный
салон в Париже».
14.40 «Петровка, 38»
14.55 Новости
15.15 «История болезни»
15.30 «Мото Гран-при»
16.00 «Лицом к городу».
16.55 Новости
17.00 «Регионы: прямая речь»
17.30 «УБИЙСТВО ПЕРВОЙ
СТЕПЕНИ».
18.20 «Оставайтесь с нами».
18.30 «Этаж и буржуйка»
18.55 Новости
19.15 «Деловая Москва»
19.30 «Исчезающий мир».
20.05 «ЛОЖЬ ВО СПАСЕНИЕ».
21.55 Вечерние новости
22.25 Брайн ринг
23.00 Времечко
23.30 «ХОРОШИЕ, ПЛОХИЕ
ПАРНИ».
0.45 «Петровка, 38»
1.00 «Ночной полет»
1.50 Новости
1.55 «В мире авто и мотоспорта»
2.25 «Экстрим теле»
13.40 «Спасибо за покупку!»
14.00 ТСН-6.
14.10 День за днем.
15.00 ТСН-6.
16.00 Мультфильм.
16.10 «Спасибо за покупку!»
16.40 «ПРОСТО МАРИЯ». 22-я
серия.
17.30 «Тайные приключения».
3-я серия.
17.55 «ТОЧКИ ИЛИ НЕТ».
37-я серия.
18.25 Диск-канал.
19.00 ТСН-6.
19.20 Дорожный патруль.
19.30 «ГРЕЙС В ОГНЕ II». 10-я
серия.
19.55 «ЛЮБЛЮ».
20.00 ТСН-6.
20.30 О.С.П.-студия.
21.25 В мире людей.
22.00 «ВАВИЛОН 5». 18-я се-
рия.
0.00 Дорожный патруль.
0.15 Шесть новостей.
0.25 Те Кто.
0.30 Диск-канал.
1.05 «ПОПУТЧИК». 6-я серия.
1.35 Знак качества.
1.40 «ГРЕЙС В ОГНЕ II». 10-я
серия.
7.50 Мир вашему дому
7.55 Новости
8.00 «Комиссар»
8.15 «Петровка, 38»
8.30 Телеигра «Слобода»
8.40 «Прикол. Еще прикол.»
8.55 Новости
9.00 Александр Серов
9.55 Новости
10.05 Легенды спорта.
10.30 «Деловая Москва»
10.45 «Доходное место»
11.00 Новости
11.15 «ВИНОВНОСТЬ».
12.10 «Оставайтесь с нами».
12.25 «Экспедиция».
12.55 Новости
13.00 «УБИЙСТВО ПЕРВОЙ
СТЕПЕНИ».
14.40 «Петровка, 38»
14.55 Новости
15.15 «Компьюдоф»
15.25 В мире авто- и мотоспор-
та.
15.55 «Ристи, вальц».
16.05 «Фуфлы и реклама».
16.55 Новости
17.00 «Регионы: прямая
речь».
17.30 «УБИЙСТВО ПЕРВОЙ
СТЕПЕНИ».
18.20 «Оставайтесь с нами».
18.30 «Этаж и буржуйка»
18.55 Новости
19.15 «Деловая Москва»
19.30 «Исчезающий мир».
20.05 «ЛОЖЬ ВО СПАСЕНИЕ».
21.55 Вечерние новости
22.15 «ИСПОВЕДЬ НЕЗНА-
КОМЦА».
23.15 Времечко
23.55 «ХОРОШИЕ, ПЛОХИЕ
ПАРНИ».
0.40 «Петровка, 38»
1.00 Новости
1.15 Парк - «Метелица»
Парнок
2.00 «ЗА ОБЛАКАМИ».
4-я серия
13.15 Мультсеанс.
13.30 «Вместе».
14.00 Новости (с сурдоперево-
дом).
14.15 «ТАММИ».
14.50 «Звездочки».
16.00 «ВО ИМЯ ЛЮБВИ».
17.00 Новости (с сурдоперево-
дом).
17.15 «ГРАФИНЯ ДЕ МОНСО-
РО».
19.00 Документальный детек-
тив.
19.40 «Спокойной ночи, ма-
лыши!»
20.00 Время.
20.35 Погода.
20.40 «СЛАЙ ПОРТВЕЙН».
22.25 Песня-99
23.05 Новости
23.30 «НЕ ТОТ ЧЕЛОВЕК».
6.00 Доброе утро, Россия!
6.20 У всех на устах.
6.45 «Программа передач».
7.15 Тысяча и одно утро.
8.15 Дежурная часть.
8.45 Товары - почтой.
9.10 «МИЛЕДИ».
10.35 «МАЛЕНЬКИЙ БРОДЯГА».
11.30 Моя семья.
12.30 Магазин на диване.
13.00 Вести.
13.30 «АНТОНЕЛЛА».
14.25 «ДИКИЙ АНГЕЛ».
15.10 Музыка, музыка...
15.25 Гомеопатия и здоровье.
15.30 «ПЕРВЫЕ ПОЦЕЛУИ».
16.00 Вести.
16.30 Башня.
16.55 «ЛЕТО НАШЕЙ ТАЙНЫ».
17.55 Дежурная часть.
18.35 Ателье.
19.00 Вести.
19.35 «В ГОРОДЕ СОЧИ ТЕМ-
НЫЕ НОЧИ».
